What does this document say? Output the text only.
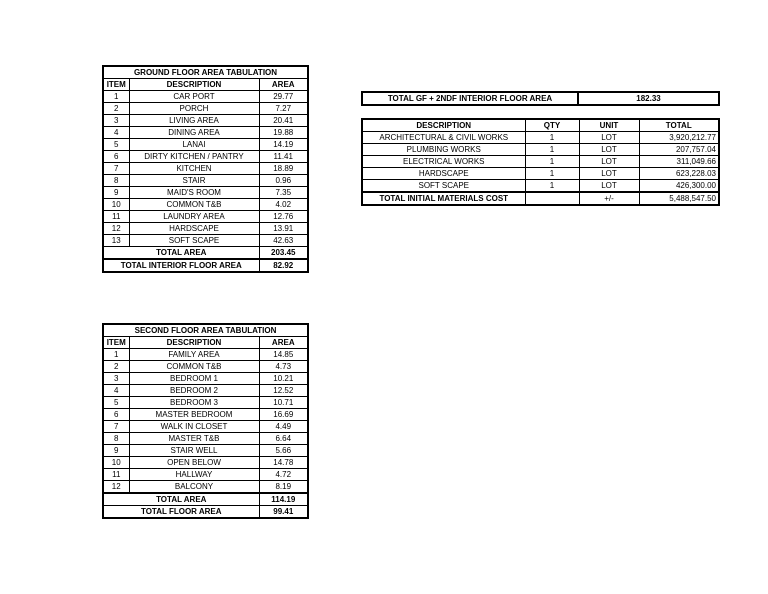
GROUND FLOOR AREA TABULATION		
ITEM	DESCRIPTION	AREA
1	CAR PORT	29.77
2	PORCH	7.27
3	LIVING AREA	20.41
4	DINING AREA	19.88
5	LANAI	14.19
6	DIRTY KITCHEN / PANTRY	11.41
7	KITCHEN	18.89
8	STAIR	0.96
9	MAID'S ROOM	7.35
10	COMMON T&B	4.02
11	LAUNDRY AREA	12.76
12	HARDSCAPE	13.91
13	SOFT SCAPE	42.63
TOTAL AREA		203.45
TOTAL INTERIOR FLOOR AREA		82.92
SECOND FLOOR AREA TABULATION		
ITEM	DESCRIPTION	AREA
1	FAMILY AREA	14.85
2	COMMON T&B	4.73
3	BEDROOM 1	10.21
4	BEDROOM 2	12.52
5	BEDROOM 3	10.71
6	MASTER BEDROOM	16.69
7	WALK IN CLOSET	4.49
8	MASTER T&B	6.64
9	STAIR WELL	5.66
10	OPEN BELOW	14.78
11	HALLWAY	4.72
12	BALCONY	8.19
TOTAL AREA		114.19
TOTAL FLOOR AREA		99.41
TOTAL GF + 2NDF INTERIOR FLOOR AREA	182.33
DESCRIPTION	QTY	UNIT	TOTAL
ARCHITECTURAL & CIVIL WORKS	1	LOT	3,920,212.77
PLUMBING WORKS	1	LOT	207,757.04
ELECTRICAL WORKS	1	LOT	311,049.66
HARDSCAPE	1	LOT	623,228.03
SOFT SCAPE	1	LOT	426,300.00
TOTAL INITIAL MATERIALS COST		+/-	5,488,547.50
